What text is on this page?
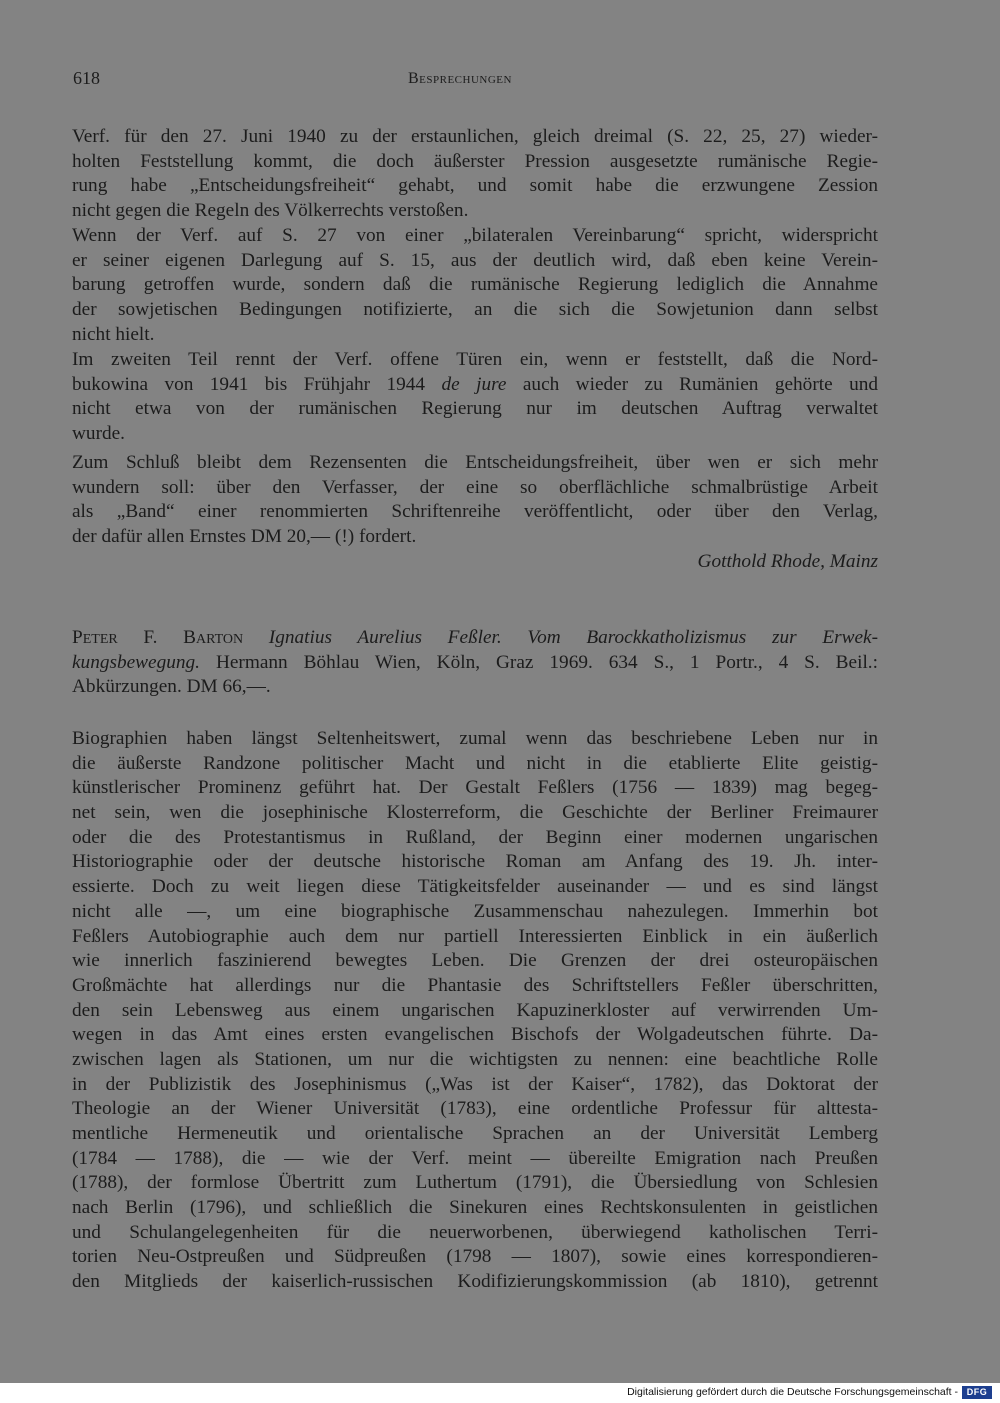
618	Besprechungen
Verf. für den 27. Juni 1940 zu der erstaunlichen, gleich dreimal (S. 22, 25, 27) wieder-
holten Feststellung kommt, die doch äußerster Pression ausgesetzte rumänische Regie-
rung habe „Entscheidungsfreiheit“ gehabt, und somit habe die erzwungene Zession
nicht gegen die Regeln des Völkerrechts verstoßen.
Wenn der Verf. auf S. 27 von einer „bilateralen Vereinbarung“ spricht, widerspricht
er seiner eigenen Darlegung auf S. 15, aus der deutlich wird, daß eben keine Verein-
barung getroffen wurde, sondern daß die rumänische Regierung lediglich die Annahme
der sowjetischen Bedingungen notifizierte, an die sich die Sowjetunion dann selbst
nicht hielt.
Im zweiten Teil rennt der Verf. offene Türen ein, wenn er feststellt, daß die Nord-
bukowina von 1941 bis Frühjahr 1944 de jure auch wieder zu Rumänien gehörte und
nicht etwa von der rumänischen Regierung nur im deutschen Auftrag verwaltet
wurde.
Zum Schluß bleibt dem Rezensenten die Entscheidungsfreiheit, über wen er sich mehr
wundern soll: über den Verfasser, der eine so oberflächliche schmalbrüstige Arbeit
als „Band“ einer renommierten Schriftenreihe veröffentlicht, oder über den Verlag,
der dafür allen Ernstes DM 20,— (!) fordert.
Gotthold Rhode, Mainz
Peter F. Barton Ignatius Aurelius Feßler. Vom Barockkatholizismus zur Erwek-
kungsbewegung. Hermann Böhlau Wien, Köln, Graz 1969. 634 S., 1 Portr., 4 S. Beil.:
Abkürzungen. DM 66,—.
Biographien haben längst Seltenheitswert, zumal wenn das beschriebene Leben nur in
die äußerste Randzone politischer Macht und nicht in die etablierte Elite geistig-
künstlerischer Prominenz geführt hat. Der Gestalt Feßlers (1756 — 1839) mag begeg-
net sein, wen die josephinische Klosterreform, die Geschichte der Berliner Freimaurer
oder die des Protestantismus in Rußland, der Beginn einer modernen ungarischen
Historiographie oder der deutsche historische Roman am Anfang des 19. Jh. inter-
essierte. Doch zu weit liegen diese Tätigkeitsfelder auseinander — und es sind längst
nicht alle —, um eine biographische Zusammenschau nahezulegen. Immerhin bot
Feßlers Autobiographie auch dem nur partiell Interessierten Einblick in ein äußerlich
wie innerlich faszinierend bewegtes Leben. Die Grenzen der drei osteuropäischen
Großmächte hat allerdings nur die Phantasie des Schriftstellers Feßler überschritten,
den sein Lebensweg aus einem ungarischen Kapuzinerkloster auf verwirrenden Um-
wegen in das Amt eines ersten evangelischen Bischofs der Wolgadeutschen führte. Da-
zwischen lagen als Stationen, um nur die wichtigsten zu nennen: eine beachtliche Rolle
in der Publizistik des Josephinismus („Was ist der Kaiser“, 1782), das Doktorat der
Theologie an der Wiener Universität (1783), eine ordentliche Professur für alttesta-
mentliche Hermeneutik und orientalische Sprachen an der Universität Lemberg
(1784 — 1788), die — wie der Verf. meint — übereilte Emigration nach Preußen
(1788), der formlose Übertritt zum Luthertum (1791), die Übersiedlung von Schlesien
nach Berlin (1796), und schließlich die Sinekuren eines Rechtskonsulenten in geistlichen
und Schulangelegenheiten für die neuerworbenen, überwiegend katholischen Terri-
torien Neu-Ostpreußen und Südpreußen (1798 — 1807), sowie eines korrespondieren-
den Mitglieds der kaiserlich-russischen Kodifizierungskommission (ab 1810), getrennt
Digitalisierung gefördert durch die Deutsche Forschungsgemeinschaft - DFG
